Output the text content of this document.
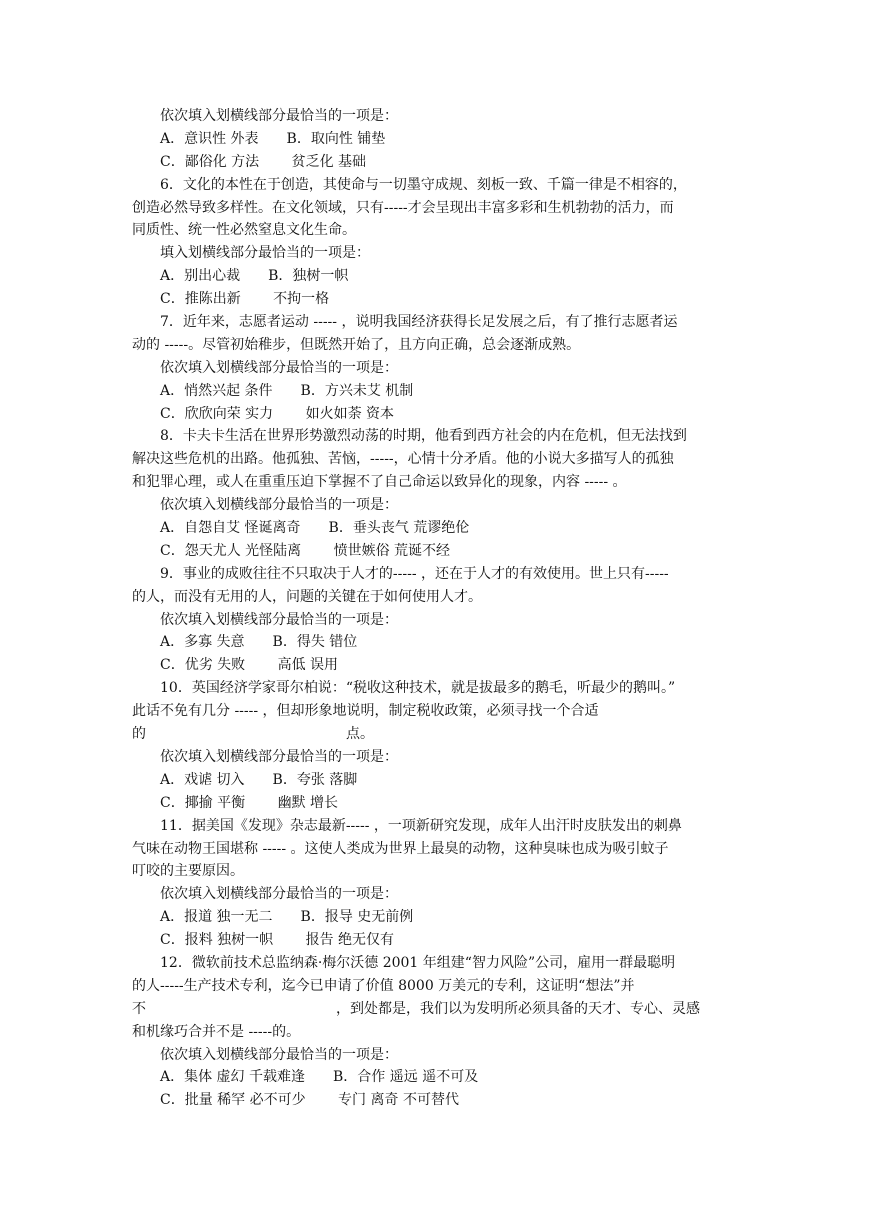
依次填入划横线部分最恰当的一项是：
A．意识性 外表　　B．取向性 铺垫
C．鄙俗化 方法　　 贫乏化 基础
6．文化的本性在于创造，其使命与一切墨守成规、刻板一致、千篇一律是不相容的，
创造必然导致多样性。在文化领域，只有-----才会呈现出丰富多彩和生机勃勃的活力，而
同质性、统一性必然窒息文化生命。
填入划横线部分最恰当的一项是：
A．别出心裁　　B．独树一帜
C．推陈出新　　 不拘一格
7．近年来，志愿者运动 ----- ，说明我国经济获得长足发展之后，有了推行志愿者运
动的 -----。尽管初始稚步，但既然开始了，且方向正确，总会逐渐成熟。
依次填入划横线部分最恰当的一项是：
A．悄然兴起 条件　　B．方兴未艾 机制
C．欣欣向荣 实力　　 如火如荼 资本
8．卡夫卡生活在世界形势激烈动荡的时期，他看到西方社会的内在危机，但无法找到
解决这些危机的出路。他孤独、苦恼，-----，心情十分矛盾。他的小说大多描写人的孤独
和犯罪心理，或人在重重压迫下掌握不了自己命运以致异化的现象，内容 ----- 。
依次填入划横线部分最恰当的一项是：
A．自怨自艾 怪诞离奇　　B．垂头丧气 荒谬绝伦
C．怨天尤人 光怪陆离　　 愤世嫉俗 荒诞不经
9．事业的成败往往不只取决于人才的----- ，还在于人才的有效使用。世上只有-----
的人，而没有无用的人，问题的关键在于如何使用人才。
依次填入划横线部分最恰当的一项是：
A．多寡 失意　　B．得失 错位
C．优劣 失败　　 高低 误用
10．英国经济学家哥尔柏说：“税收这种技术，就是拔最多的鹅毛，听最少的鹅叫。”
此话不免有几分 ----- ，但却形象地说明，制定税收政策，必须寻找一个合适
的	点。
依次填入划横线部分最恰当的一项是：
A．戏谑 切入　　B．夸张 落脚
C．揶揄 平衡　　 幽默 增长
11．据美国《发现》杂志最新----- ，一项新研究发现，成年人出汗时皮肤发出的刺鼻
气味在动物王国堪称 ----- 。这使人类成为世界上最臭的动物，这种臭味也成为吸引蚊子
叮咬的主要原因。
依次填入划横线部分最恰当的一项是：
A．报道 独一无二　　B．报导 史无前例
C．报料 独树一帜　　 报告 绝无仅有
12．微软前技术总监纳森·梅尔沃德 2001 年组建“智力风险”公司，雇用一群最聪明
的人-----生产技术专利，迄今已申请了价值 8000 万美元的专利，这证明“想法”并
不	，到处都是，我们以为发明所必须具备的天才、专心、灵感
和机缘巧合并不是 -----的。
依次填入划横线部分最恰当的一项是：
A．集体 虚幻 千载难逢　　B．合作 遥远 遥不可及
C．批量 稀罕 必不可少　　 专门 离奇 不可替代
